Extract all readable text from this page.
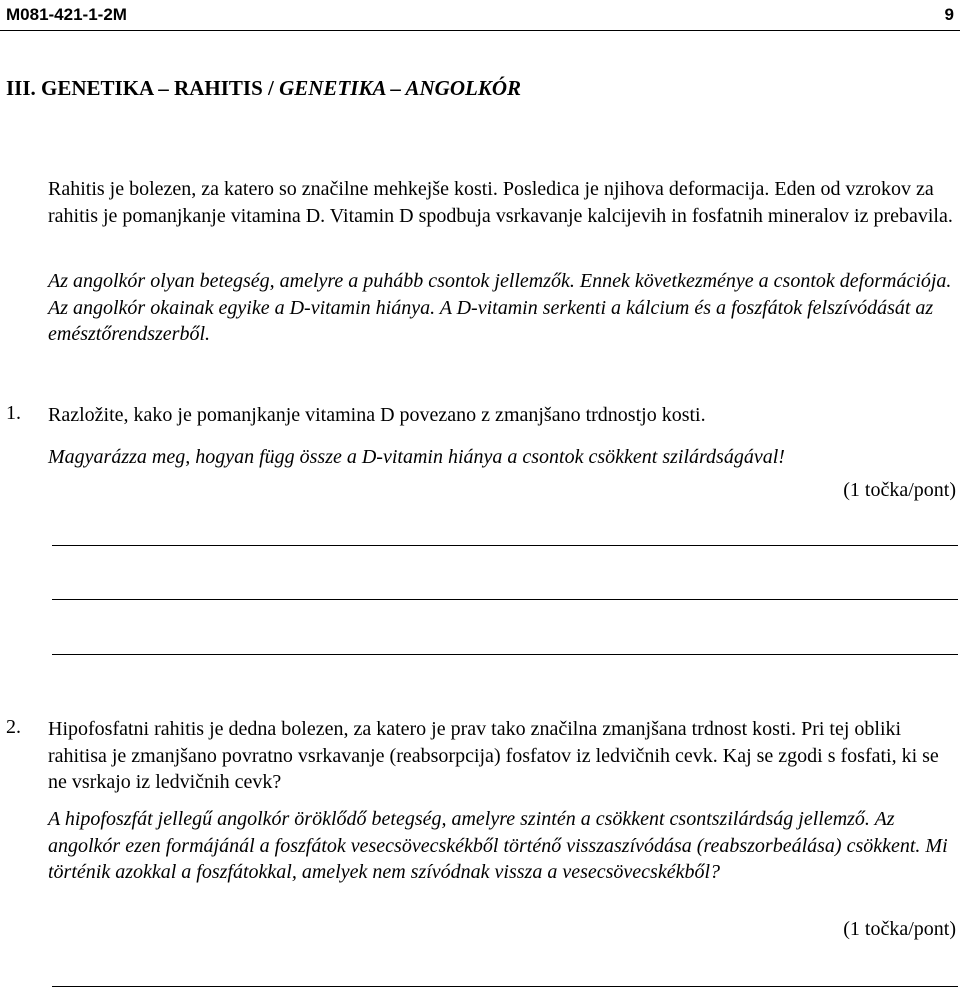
M081-421-1-2M	9
III. GENETIKA – RAHITIS / GENETIKA – ANGOLKÓR

Rahitis je bolezen, za katero so značilne mehkejše kosti. Posledica je njihova deformacija. Eden od vzrokov za rahitis je pomanjkanje vitamina D. Vitamin D spodbuja vsrkavanje kalcijevih in fosfatnih mineralov iz prebavila.

Az angolkór olyan betegség, amelyre a puhább csontok jellemzők. Ennek következménye a csontok deformációja. Az angolkór okainak egyike a D-vitamin hiánya. A D-vitamin serkenti a kálcium és a foszfátok felszívódását az emésztőrendszerből.

1. Razložite, kako je pomanjkanje vitamina D povezano z zmanjšano trdnostjo kosti.

Magyarázza meg, hogyan függ össze a D-vitamin hiánya a csontok csökkent szilárdságával!

(1 točka/pont)
2. Hipofosfatni rahitis je dedna bolezen, za katero je prav tako značilna zmanjšana trdnost kosti. Pri tej obliki rahitisa je zmanjšano povratno vsrkavanje (reabsorpcija) fosfatov iz ledvičnih cevk. Kaj se zgodi s fosfati, ki se ne vsrkajo iz ledvičnih cevk?

A hipofoszfát jellegű angolkór öröklődő betegség, amelyre szintén a csökkent csontszilárdság jellemző. Az angolkór ezen formájánál a foszfátok vesecsövecskékből történő visszaszívódása (reabszorbeálása) csökkent. Mi történik azokkal a foszfátokkal, amelyek nem szívódnak vissza a vesecsövecskékből?

(1 točka/pont)
